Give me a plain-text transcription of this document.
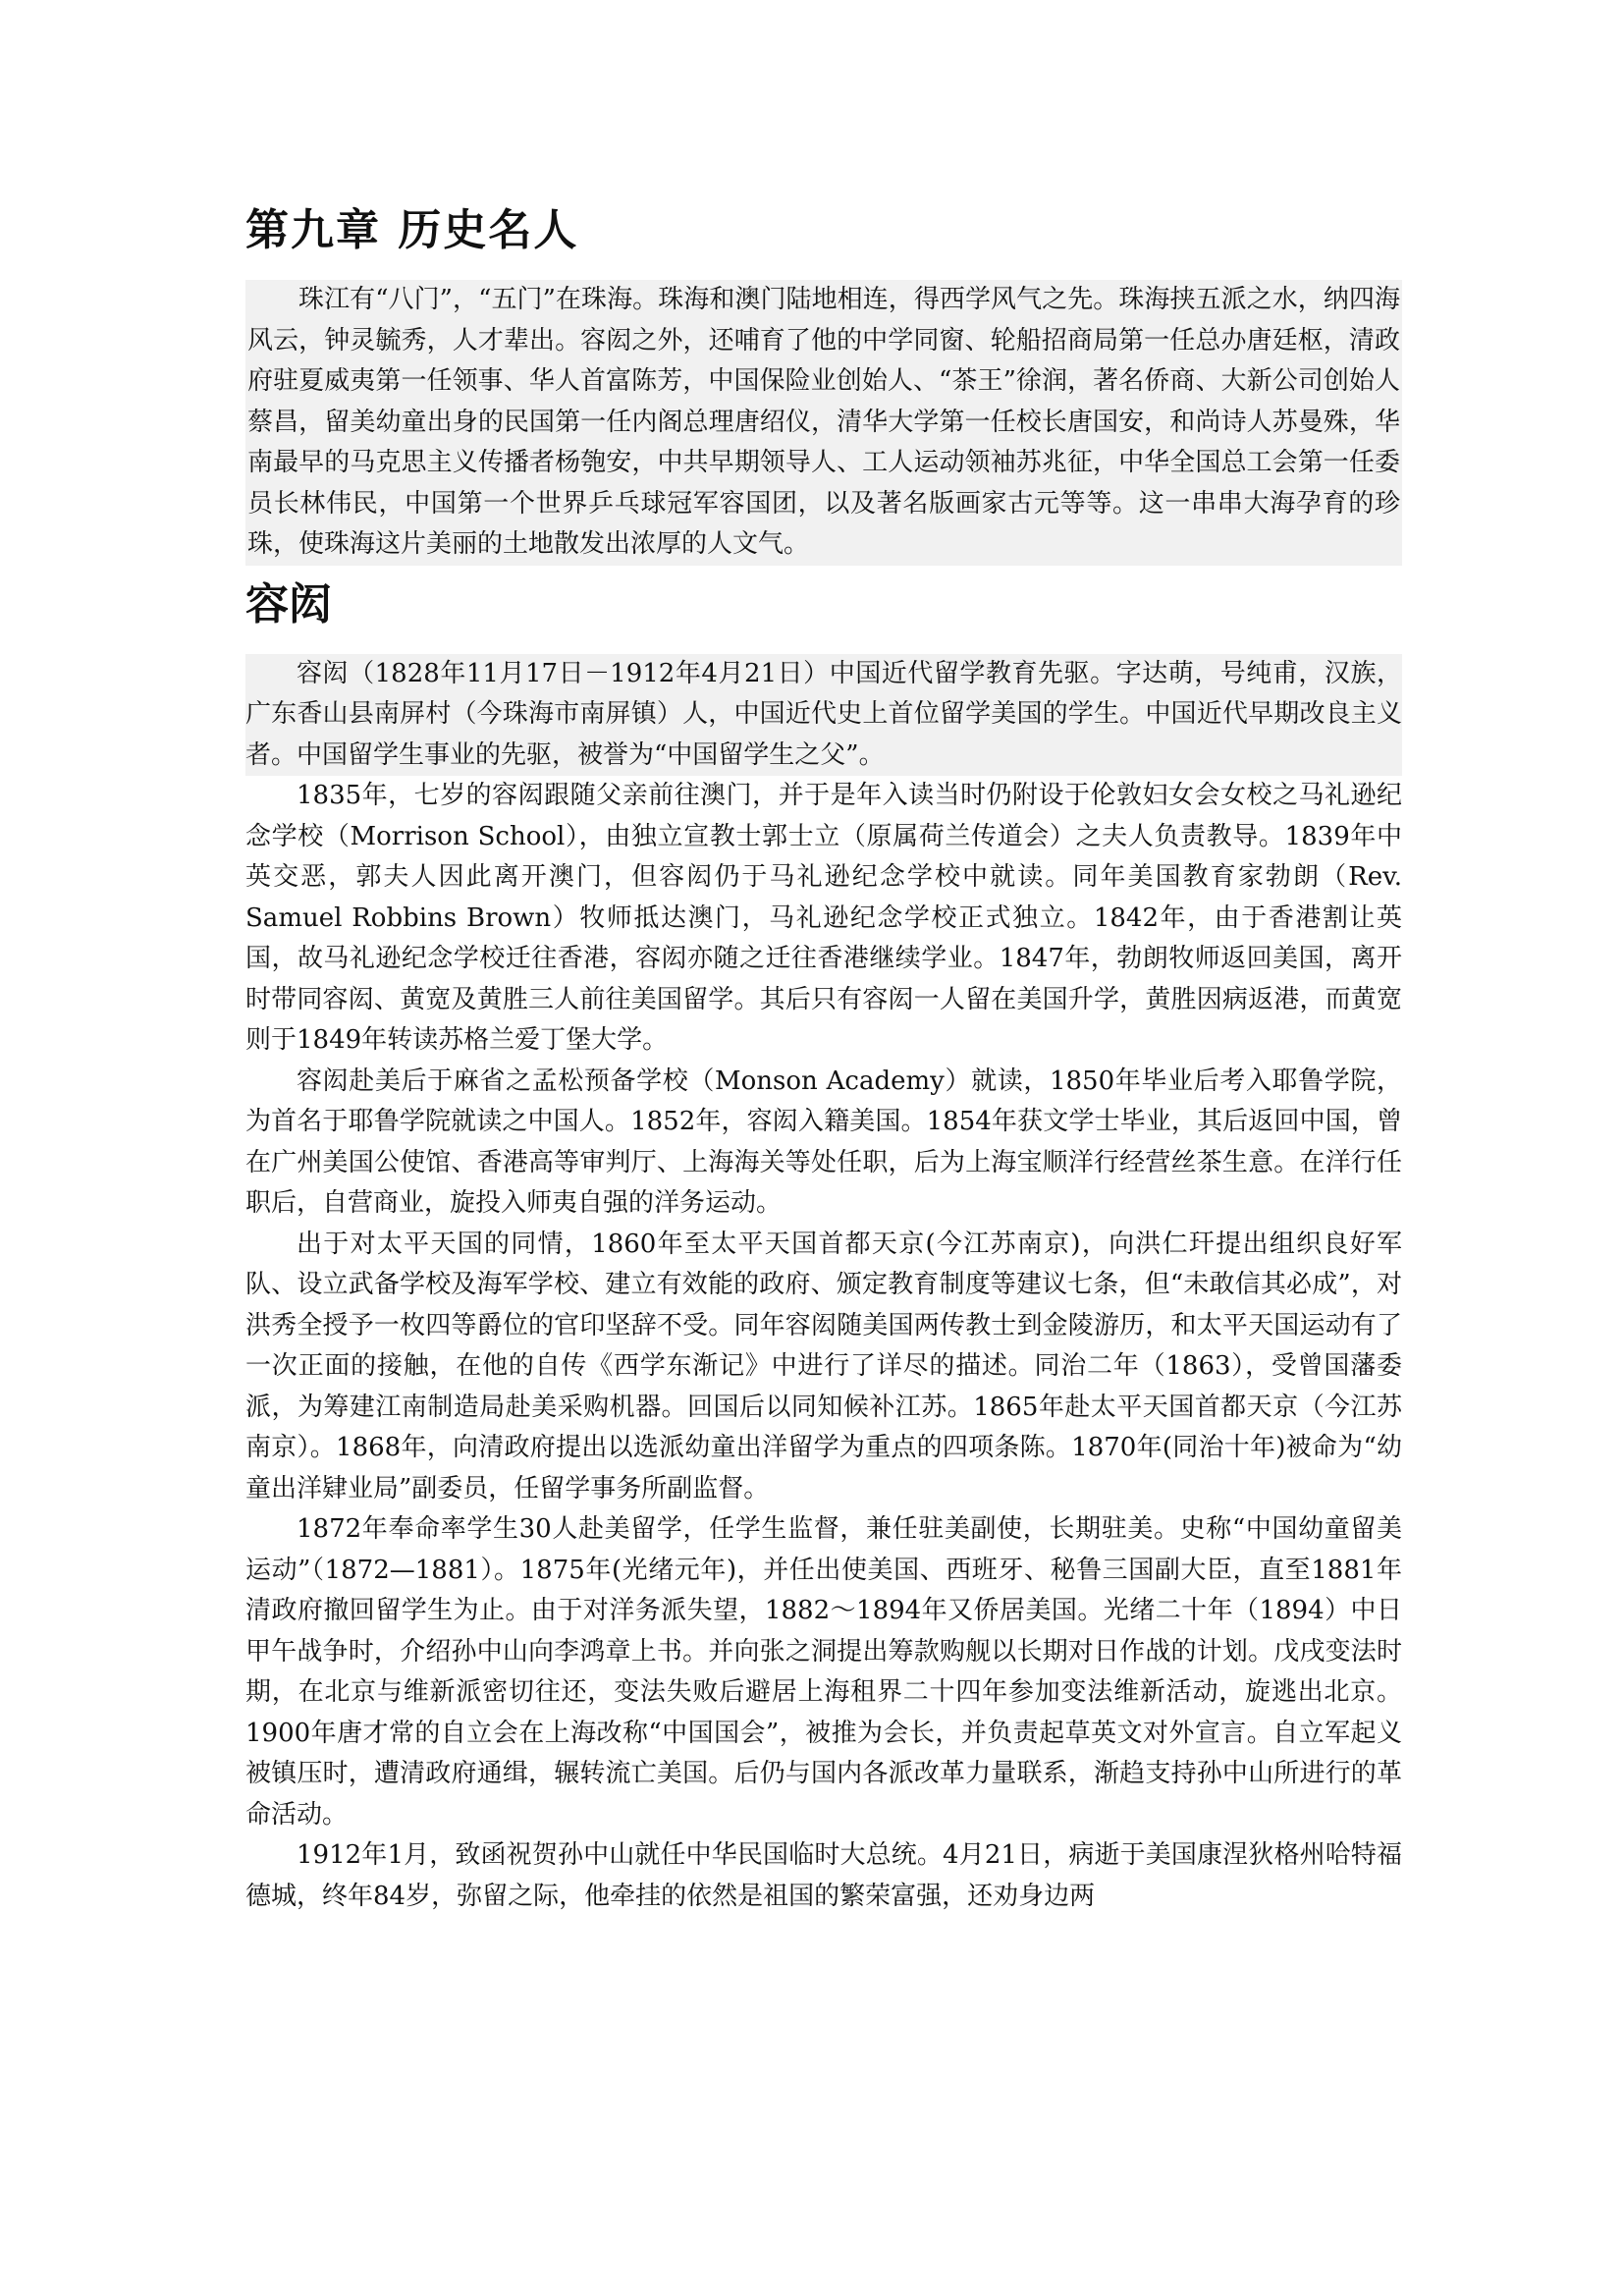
第九章 历史名人

珠江有“八门”，“五门”在珠海。珠海和澳门陆地相连，得西学风气之先。珠海挟五派之水，纳四海风云，钟灵毓秀，人才辈出。容闳之外，还哺育了他的中学同窗、轮船招商局第一任总办唐廷枢，清政府驻夏威夷第一任领事、华人首富陈芳，中国保险业创始人、“茶王”徐润，著名侨商、大新公司创始人蔡昌，留美幼童出身的民国第一任内阁总理唐绍仪，清华大学第一任校长唐国安，和尚诗人苏曼殊，华南最早的马克思主义传播者杨匏安，中共早期领导人、工人运动领袖苏兆征，中华全国总工会第一任委员长林伟民，中国第一个世界乒乓球冠军容国团，以及著名版画家古元等等。这一串串大海孕育的珍珠，使珠海这片美丽的土地散发出浓厚的人文气。

容闳

容闳（1828年11月17日－1912年4月21日）中国近代留学教育先驱。字达萌，号纯甫，汉族，广东香山县南屏村（今珠海市南屏镇）人，中国近代史上首位留学美国的学生。中国近代早期改良主义者。中国留学生事业的先驱，被誉为“中国留学生之父”。

1835年，七岁的容闳跟随父亲前往澳门，并于是年入读当时仍附设于伦敦妇女会女校之马礼逊纪念学校（Morrison School），由独立宣教士郭士立（原属荷兰传道会）之夫人负责教导。1839年中英交恶，郭夫人因此离开澳门，但容闳仍于马礼逊纪念学校中就读。同年美国教育家勃朗（Rev. Samuel Robbins Brown）牧师抵达澳门，马礼逊纪念学校正式独立。1842年，由于香港割让英国，故马礼逊纪念学校迁往香港，容闳亦随之迁往香港继续学业。1847年，勃朗牧师返回美国，离开时带同容闳、黄宽及黄胜三人前往美国留学。其后只有容闳一人留在美国升学，黄胜因病返港，而黄宽则于1849年转读苏格兰爱丁堡大学。

容闳赴美后于麻省之孟松预备学校（Monson Academy）就读，1850年毕业后考入耶鲁学院，为首名于耶鲁学院就读之中国人。1852年，容闳入籍美国。1854年获文学士毕业，其后返回中国，曾在广州美国公使馆、香港高等审判厅、上海海关等处任职，后为上海宝顺洋行经营丝茶生意。在洋行任职后，自营商业，旋投入师夷自强的洋务运动。

出于对太平天国的同情，1860年至太平天国首都天京(今江苏南京)，向洪仁玕提出组织良好军队、设立武备学校及海军学校、建立有效能的政府、颁定教育制度等建议七条，但“未敢信其必成”，对洪秀全授予一枚四等爵位的官印坚辞不受。同年容闳随美国两传教士到金陵游历，和太平天国运动有了一次正面的接触，在他的自传《西学东渐记》中进行了详尽的描述。同治二年（1863），受曾国藩委派，为筹建江南制造局赴美采购机器。回国后以同知候补江苏。1865年赴太平天国首都天京（今江苏南京）。1868年，向清政府提出以选派幼童出洋留学为重点的四项条陈。1870年(同治十年)被命为“幼童出洋肄业局”副委员，任留学事务所副监督。

1872年奉命率学生30人赴美留学，任学生监督，兼任驻美副使，长期驻美。史称“中国幼童留美运动”（1872—1881）。1875年(光绪元年)，并任出使美国、西班牙、秘鲁三国副大臣，直至1881年清政府撤回留学生为止。由于对洋务派失望，1882～1894年又侨居美国。光绪二十年（1894）中日甲午战争时，介绍孙中山向李鸿章上书。并向张之洞提出筹款购舰以长期对日作战的计划。戊戌变法时期，在北京与维新派密切往还，变法失败后避居上海租界二十四年参加变法维新活动，旋逃出北京。1900年唐才常的自立会在上海改称“中国国会”，被推为会长，并负责起草英文对外宣言。自立军起义被镇压时，遭清政府通缉，辗转流亡美国。后仍与国内各派改革力量联系，渐趋支持孙中山所进行的革命活动。

1912年1月，致函祝贺孙中山就任中华民国临时大总统。4月21日，病逝于美国康涅狄格州哈特福德城，终年84岁，弥留之际，他牵挂的依然是祖国的繁荣富强，还劝身边两
